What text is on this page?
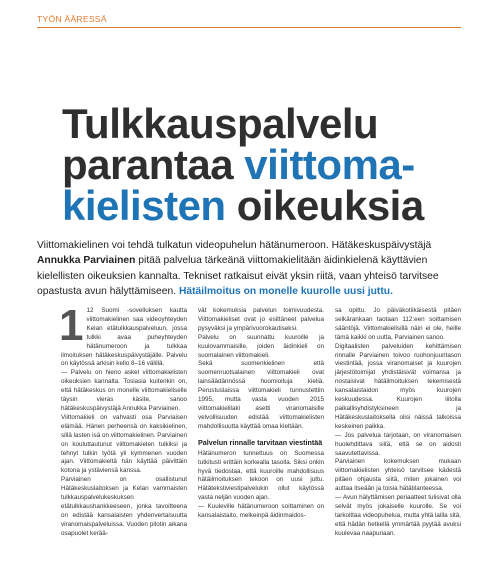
TYÖN ÄÄRESSÄ
Tulkkauspalvelu
parantaa viittoma-
kielisten oikeuksia

Viittomakielinen voi tehdä tulkatun videopuhelun hätänumeroon. Hätäkeskuspäivystäjä Annukka Parviainen pitää palvelua tärkeänä viittomakielitään äidinkielenä käyttävien kielellisten oikeuksien kannalta. Tekniset ratkaisut eivät yksin riitä, vaan yhteisö tarvitsee opastusta avun hälyttämiseen. Hätäilmoitus on monelle kuurolle uusi juttu.

1 12 Suomi -sovelluksen kautta viittomakielinen saa videoyhteyden Kelan etätulkkauspalveluun, jossa tulkki avaa puheyhteyden hätänumeroon ja tulkkaa ilmoituksen hätäkeskuspäivystäjälle. Palvelu on käytössä arkisin kello 8–16 välillä.

— Palvelu on hieno askel viittomakielisten oikeuksien kannalta. Tosiasia kuitenkin on, että hätäkeskus on monelle viittomakieliselle täysin vieras käsite, sanoo hätäkeskuspäivystäjä Annukka Parviainen.

Viittomakieli on vahvasti osa Parviaisen elämää. Hänen perheensä on kaksikielinen, sillä lasten isä on viittomakielinen. Parviainen on kouluttautunut viittomakielen tulkiksi ja tehnyt tulkin työtä yli kymmenen vuoden ajan. Viittomakieltä hän käyttää päivittäin kotona ja ystäviensä kanssa.

Parviainen on osallistunut Hätäkeskuslaitoksen ja Kelan vammaisten tulkkauspalvelukeskuksen etätulkkaushankkeeseen, jonka tavoitteena on edistää kansalaisten yhdenvertaisuutta viranomaispalveluissa. Vuoden pilotin aikana osapuolet kerää-

vät kokemuksia palvelun toimivuudesta. Viittomakieliset ovat jo esittäneet palvelua pysyväksi ja ympärivuorokautiseksi.

Palvelu on suunnattu kuuroille ja kuulovammaisille, joiden äidinkieli on suomalainen viittomakieli.

Sekä suomenkielinen että suomenruotsalainen viittomakieli ovat lainsäädännössä huomioituja kieliä. Perustuslaissa viittomakieli tunnustettiin 1995, mutta vasta vuoden 2015 viittomakielilaki asetti viranomaisille velvollisuuden edistää viittomakielisten mahdollisuutta käyttää omaa kieltään.

Palvelun rinnalle tarvitaan viestintää

Hätänumeron tunnettuus on Suomessa tutkitusti erittäin korkealla tasolla. Siksi onkin hyvä tiedostaa, että kuuroille mahdollisuus hätäilmoituksen tekoon on uusi juttu. Hätätekstiviestipalvelukin ollut käytössä vasta neljän vuoden ajan.

— Kuuleville hätänumeroon soittaminen on kansalaistaito, melkeinpä äidinmaidos-

sa opittu. Jo päiväkotiikäisestä pitäen selkärankaan taotaan 112:een soittamisen sääntöjä. Viittomakielisillä näin ei ole, heille tämä kaikki on uutta, Parviainen sanoo.

Digitaalisten palveluiden kehittämisen rinnalle Parviainen toivoo ruohonjuuritason viestintää, jossa viranomaiset ja kuurojen järjestötoimijat yhdistäisivät voimansa ja nostaisivat hätäilmoituksen tekemisestä kansalaistaidon myös kuurojen keskuudessa. Kuurojen liitolla paikallisyhdistyksineen ja Hätäkeskuslaitoksella olisi näissä talkoissa keskeinen paikka.

— Jos palvelua tarjotaan, on viranomaisen huolehdittava siitä, että se on aidosti saavutettavissa.

Parviainen kokemuksen mukaan viittomakielisten yhteisö tarvitsee kädestä pitäen ohjausta siitä, miten jokainen voi auttaa itseään ja toisia hätätilanteessa.

— Avun hälyttämisen periaatteet tulisivat olla selvät myös jokaiselle kuurolle. Se voi tarkoittaa videopuhelua, mutta yhtä lailla sitä, että hädän hetkellä ymmärtää pyytää avuksi kuulevaa naapuriaan.
